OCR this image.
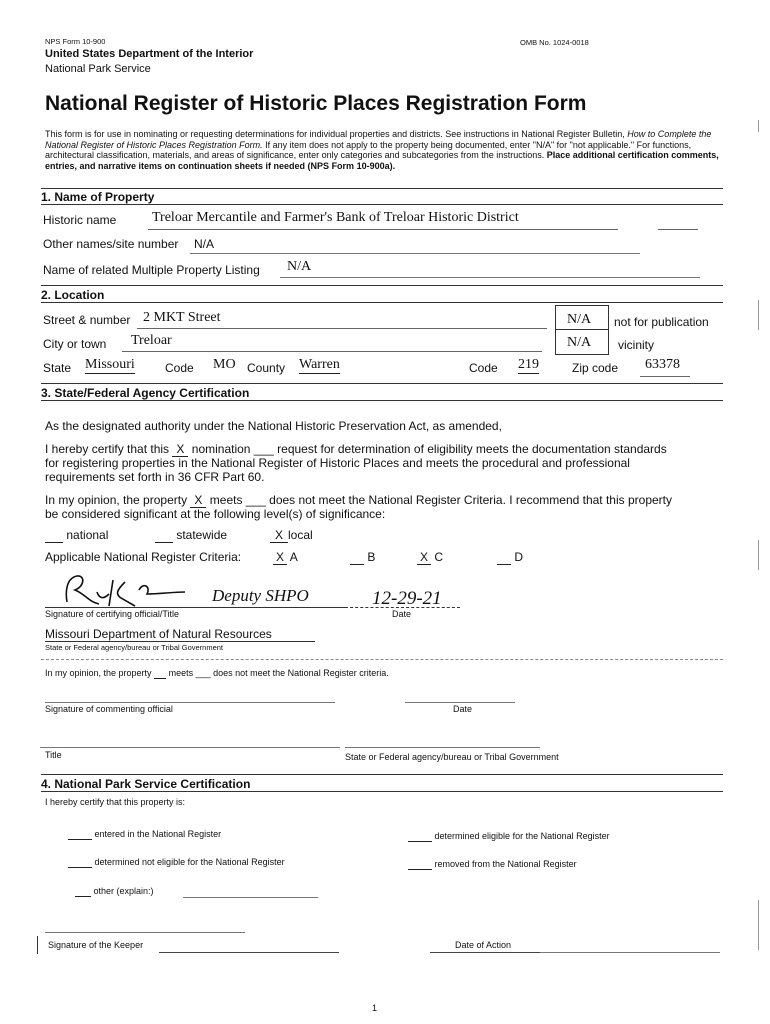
NPS Form 10-900	OMB No. 1024-0018
United States Department of the Interior
National Park Service
National Register of Historic Places Registration Form
This form is for use in nominating or requesting determinations for individual properties and districts. See instructions in National Register Bulletin, How to Complete the National Register of Historic Places Registration Form. If any item does not apply to the property being documented, enter "N/A" for "not applicable." For functions, architectural classification, materials, and areas of significance, enter only categories and subcategories from the instructions. Place additional certification comments, entries, and narrative items on continuation sheets if needed (NPS Form 10-900a).
1. Name of Property
Historic name	Treloar Mercantile and Farmer's Bank of Treloar Historic District
Other names/site number N/A
Name of related Multiple Property Listing N/A
2. Location
Street & number 2 MKT Street	N/A not for publication
N/A vicinity
City or town Treloar
State Missouri	Code MO County Warren	Code 219	Zip code 63378
3. State/Federal Agency Certification
As the designated authority under the National Historic Preservation Act, as amended,
I hereby certify that this X nomination ___ request for determination of eligibility meets the documentation standards
for registering properties in the National Register of Historic Places and meets the procedural and professional
requirements set forth in 36 CFR Part 60.
In my opinion, the property X meets ___ does not meet the National Register Criteria. I recommend that this property
be considered significant at the following level(s) of significance:
national	statewide	X local
Applicable National Register Criteria:	X A	B	X C	D
Deputy SHPO	12-29-21
Signature of certifying official/Title	Date
Missouri Department of Natural Resources
State or Federal agency/bureau or Tribal Government
In my opinion, the property meets ___ does not meet the National Register criteria.
Signature of commenting official	Date
Title	State or Federal agency/bureau or Tribal Government
4. National Park Service Certification
I hereby certify that this property is:
entered in the National Register	determined eligible for the National Register
determined not eligible for the National Register	removed from the National Register
other (explain:)
Signature of the Keeper	Date of Action
1
